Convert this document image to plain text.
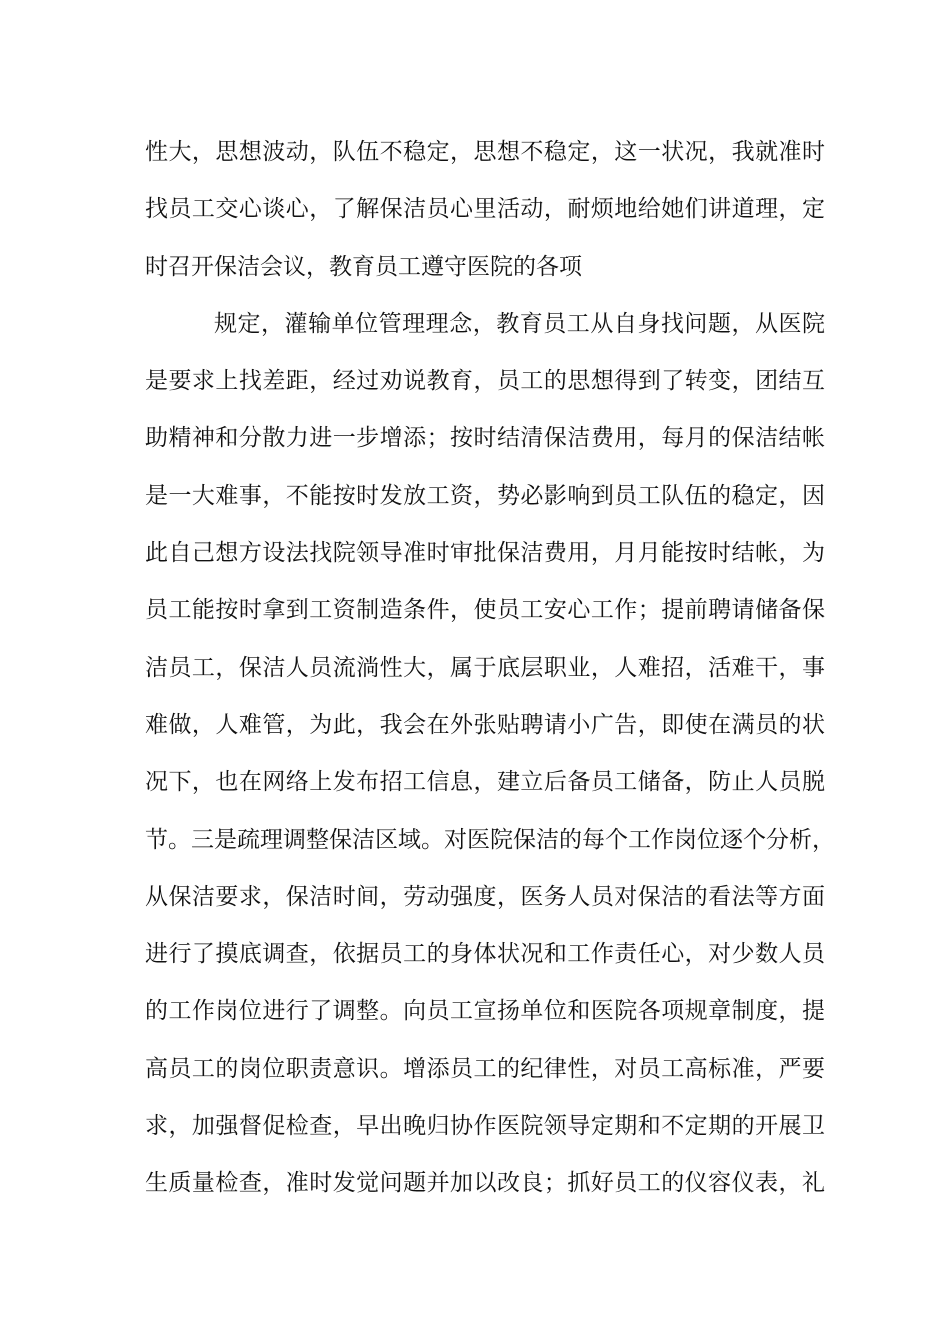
性大，思想波动，队伍不稳定，思想不稳定，这一状况，我就准时
找员工交心谈心，了解保洁员心里活动，耐烦地给她们讲道理，定
时召开保洁会议，教育员工遵守医院的各项
规定，灌输单位管理理念，教育员工从自身找问题，从医院
是要求上找差距，经过劝说教育，员工的思想得到了转变，团结互
助精神和分散力进一步增添；按时结清保洁费用，每月的保洁结帐
是一大难事，不能按时发放工资，势必影响到员工队伍的稳定，因
此自己想方设法找院领导准时审批保洁费用，月月能按时结帐，为
员工能按时拿到工资制造条件，使员工安心工作；提前聘请储备保
洁员工，保洁人员流淌性大，属于底层职业，人难招，活难干，事
难做，人难管，为此，我会在外张贴聘请小广告，即使在满员的状
况下，也在网络上发布招工信息，建立后备员工储备，防止人员脱
节。三是疏理调整保洁区域。对医院保洁的每个工作岗位逐个分析，
从保洁要求，保洁时间，劳动强度，医务人员对保洁的看法等方面
进行了摸底调查，依据员工的身体状况和工作责任心，对少数人员
的工作岗位进行了调整。向员工宣扬单位和医院各项规章制度，提
高员工的岗位职责意识。增添员工的纪律性，对员工高标准，严要
求，加强督促检查，早出晚归协作医院领导定期和不定期的开展卫
生质量检查，准时发觉问题并加以改良；抓好员工的仪容仪表，礼
